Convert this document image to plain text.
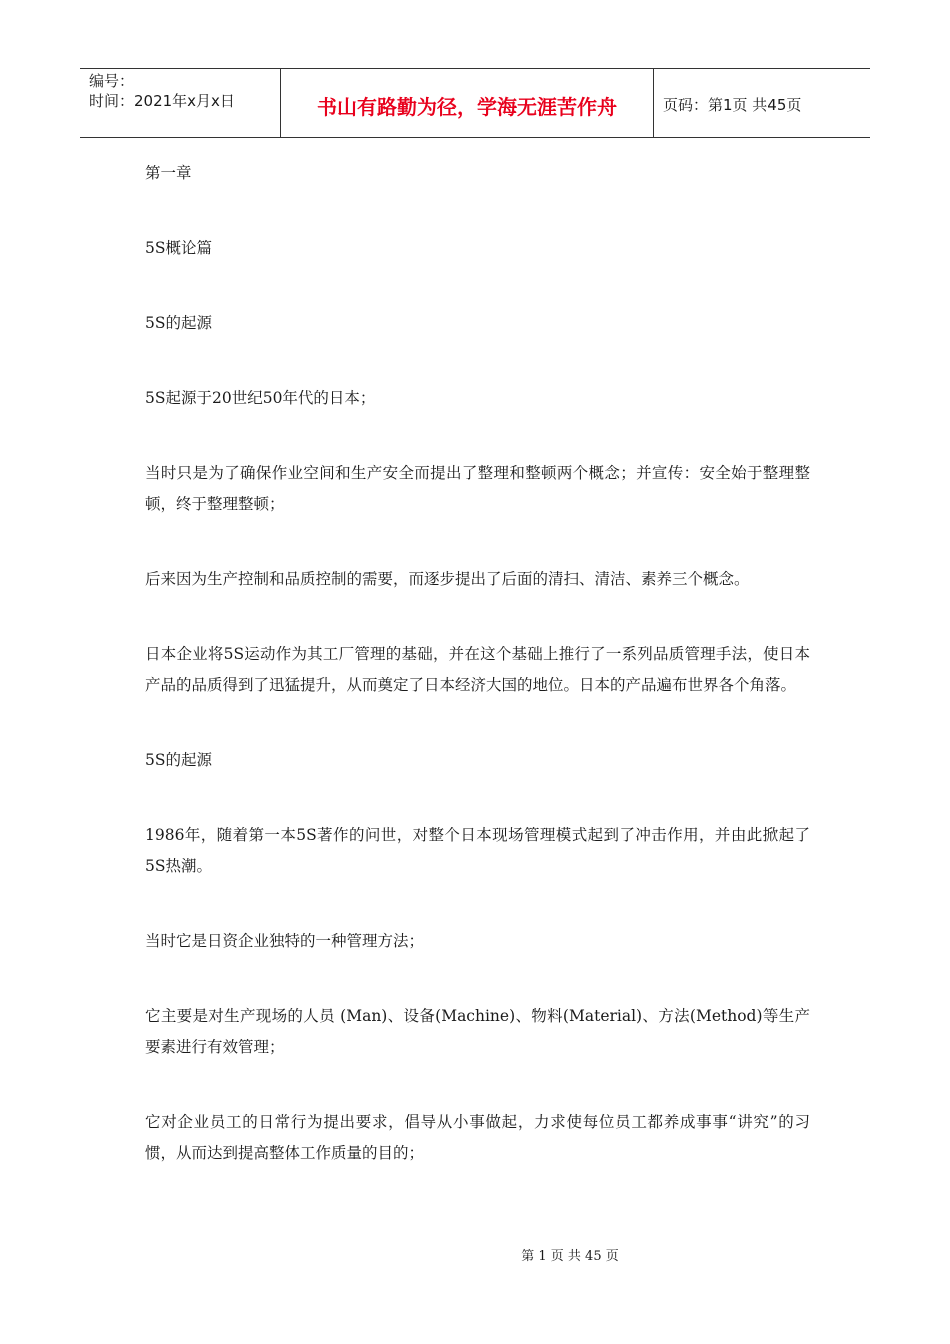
编号：
时间：2021年x月x日	书山有路勤为径，学海无涯苦作舟	页码：第1页 共45页

第一章

5S概论篇

5S的起源

5S起源于20世纪50年代的日本；

当时只是为了确保作业空间和生产安全而提出了整理和整顿两个概念；并宣传：安全始于整理整顿，终于整理整顿；

后来因为生产控制和品质控制的需要，而逐步提出了后面的清扫、清洁、素养三个概念。

日本企业将5S运动作为其工厂管理的基础，并在这个基础上推行了一系列品质管理手法，使日本产品的品质得到了迅猛提升，从而奠定了日本经济大国的地位。日本的产品遍布世界各个角落。

5S的起源

1986年，随着第一本5S著作的问世，对整个日本现场管理模式起到了冲击作用，并由此掀起了5S热潮。

当时它是日资企业独特的一种管理方法；

它主要是对生产现场的人员 (Man)、设备(Machine)、物料(Material)、方法(Method)等生产要素进行有效管理；

它对企业员工的日常行为提出要求，倡导从小事做起，力求使每位员工都养成事事“讲究”的习惯，从而达到提高整体工作质量的目的；

第 1 页 共 45 页
